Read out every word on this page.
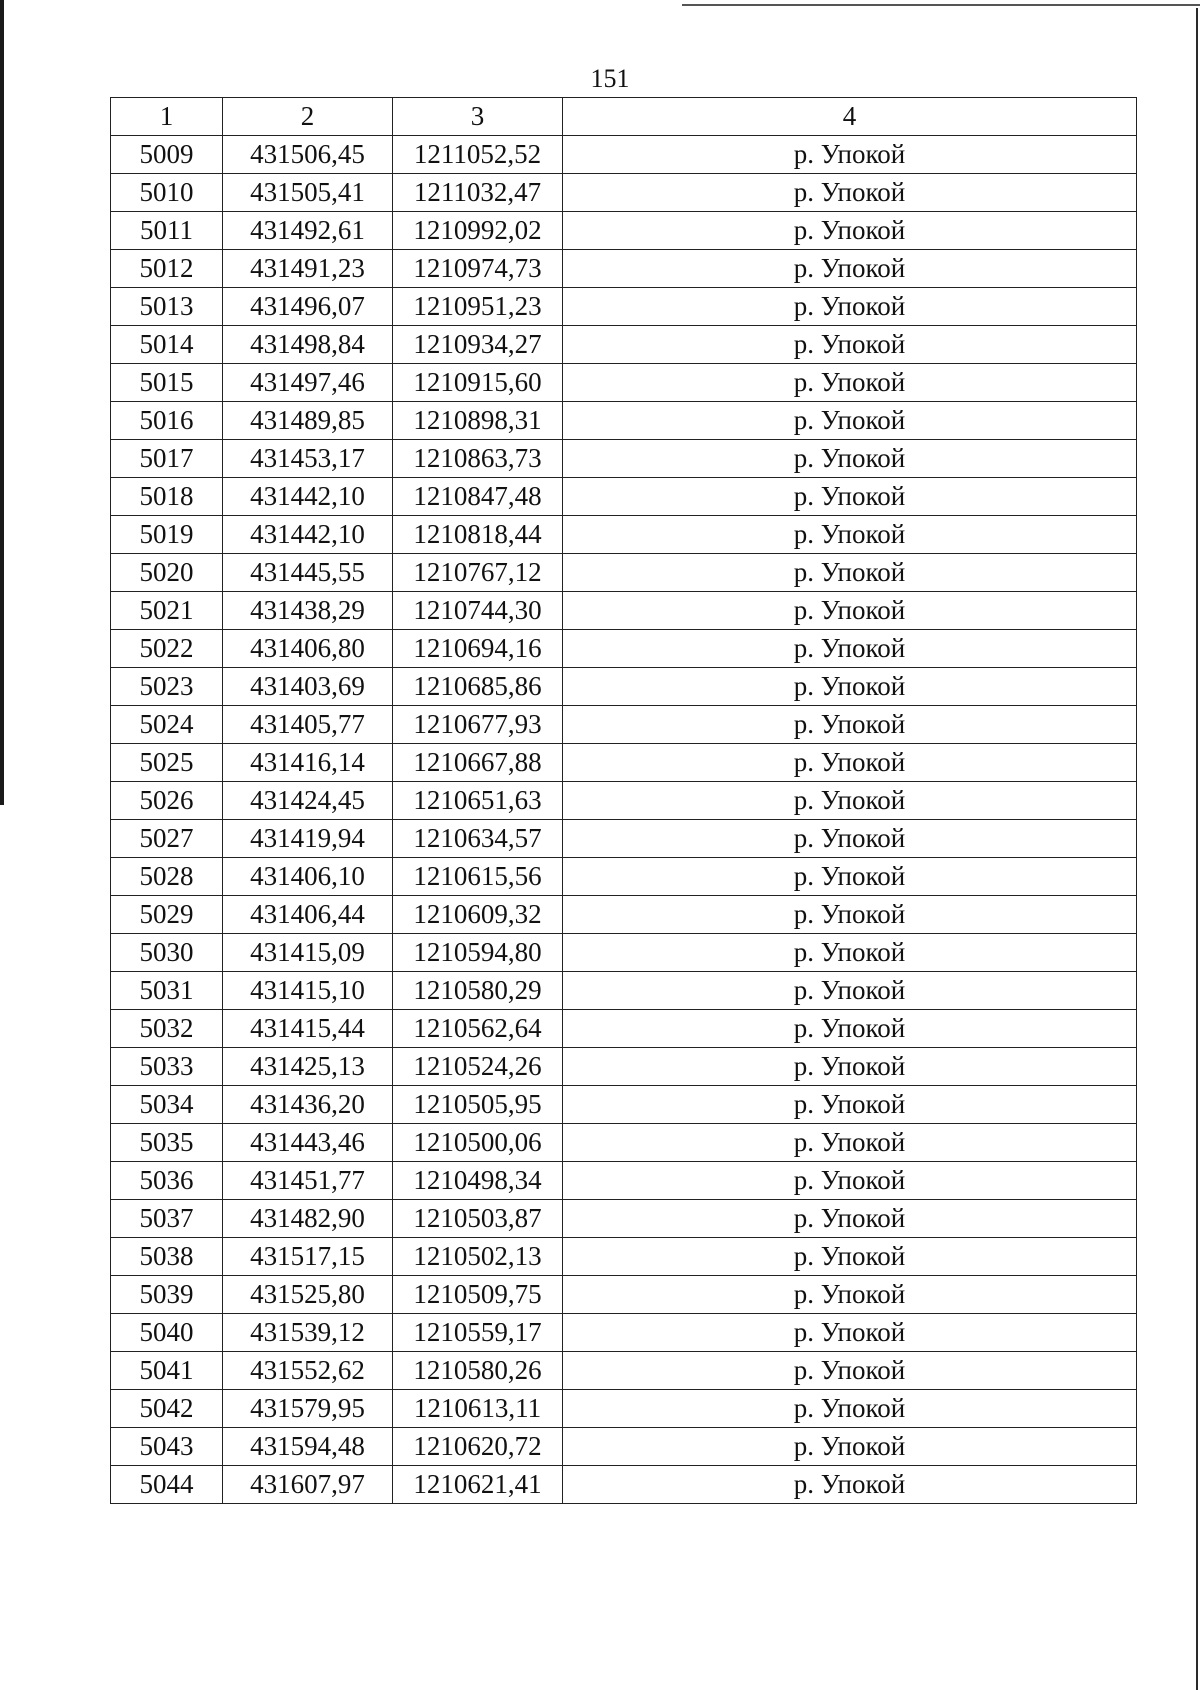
151
1	2	3	4
5009	431506,45	1211052,52	р. Упокой
5010	431505,41	1211032,47	р. Упокой
5011	431492,61	1210992,02	р. Упокой
5012	431491,23	1210974,73	р. Упокой
5013	431496,07	1210951,23	р. Упокой
5014	431498,84	1210934,27	р. Упокой
5015	431497,46	1210915,60	р. Упокой
5016	431489,85	1210898,31	р. Упокой
5017	431453,17	1210863,73	р. Упокой
5018	431442,10	1210847,48	р. Упокой
5019	431442,10	1210818,44	р. Упокой
5020	431445,55	1210767,12	р. Упокой
5021	431438,29	1210744,30	р. Упокой
5022	431406,80	1210694,16	р. Упокой
5023	431403,69	1210685,86	р. Упокой
5024	431405,77	1210677,93	р. Упокой
5025	431416,14	1210667,88	р. Упокой
5026	431424,45	1210651,63	р. Упокой
5027	431419,94	1210634,57	р. Упокой
5028	431406,10	1210615,56	р. Упокой
5029	431406,44	1210609,32	р. Упокой
5030	431415,09	1210594,80	р. Упокой
5031	431415,10	1210580,29	р. Упокой
5032	431415,44	1210562,64	р. Упокой
5033	431425,13	1210524,26	р. Упокой
5034	431436,20	1210505,95	р. Упокой
5035	431443,46	1210500,06	р. Упокой
5036	431451,77	1210498,34	р. Упокой
5037	431482,90	1210503,87	р. Упокой
5038	431517,15	1210502,13	р. Упокой
5039	431525,80	1210509,75	р. Упокой
5040	431539,12	1210559,17	р. Упокой
5041	431552,62	1210580,26	р. Упокой
5042	431579,95	1210613,11	р. Упокой
5043	431594,48	1210620,72	р. Упокой
5044	431607,97	1210621,41	р. Упокой
